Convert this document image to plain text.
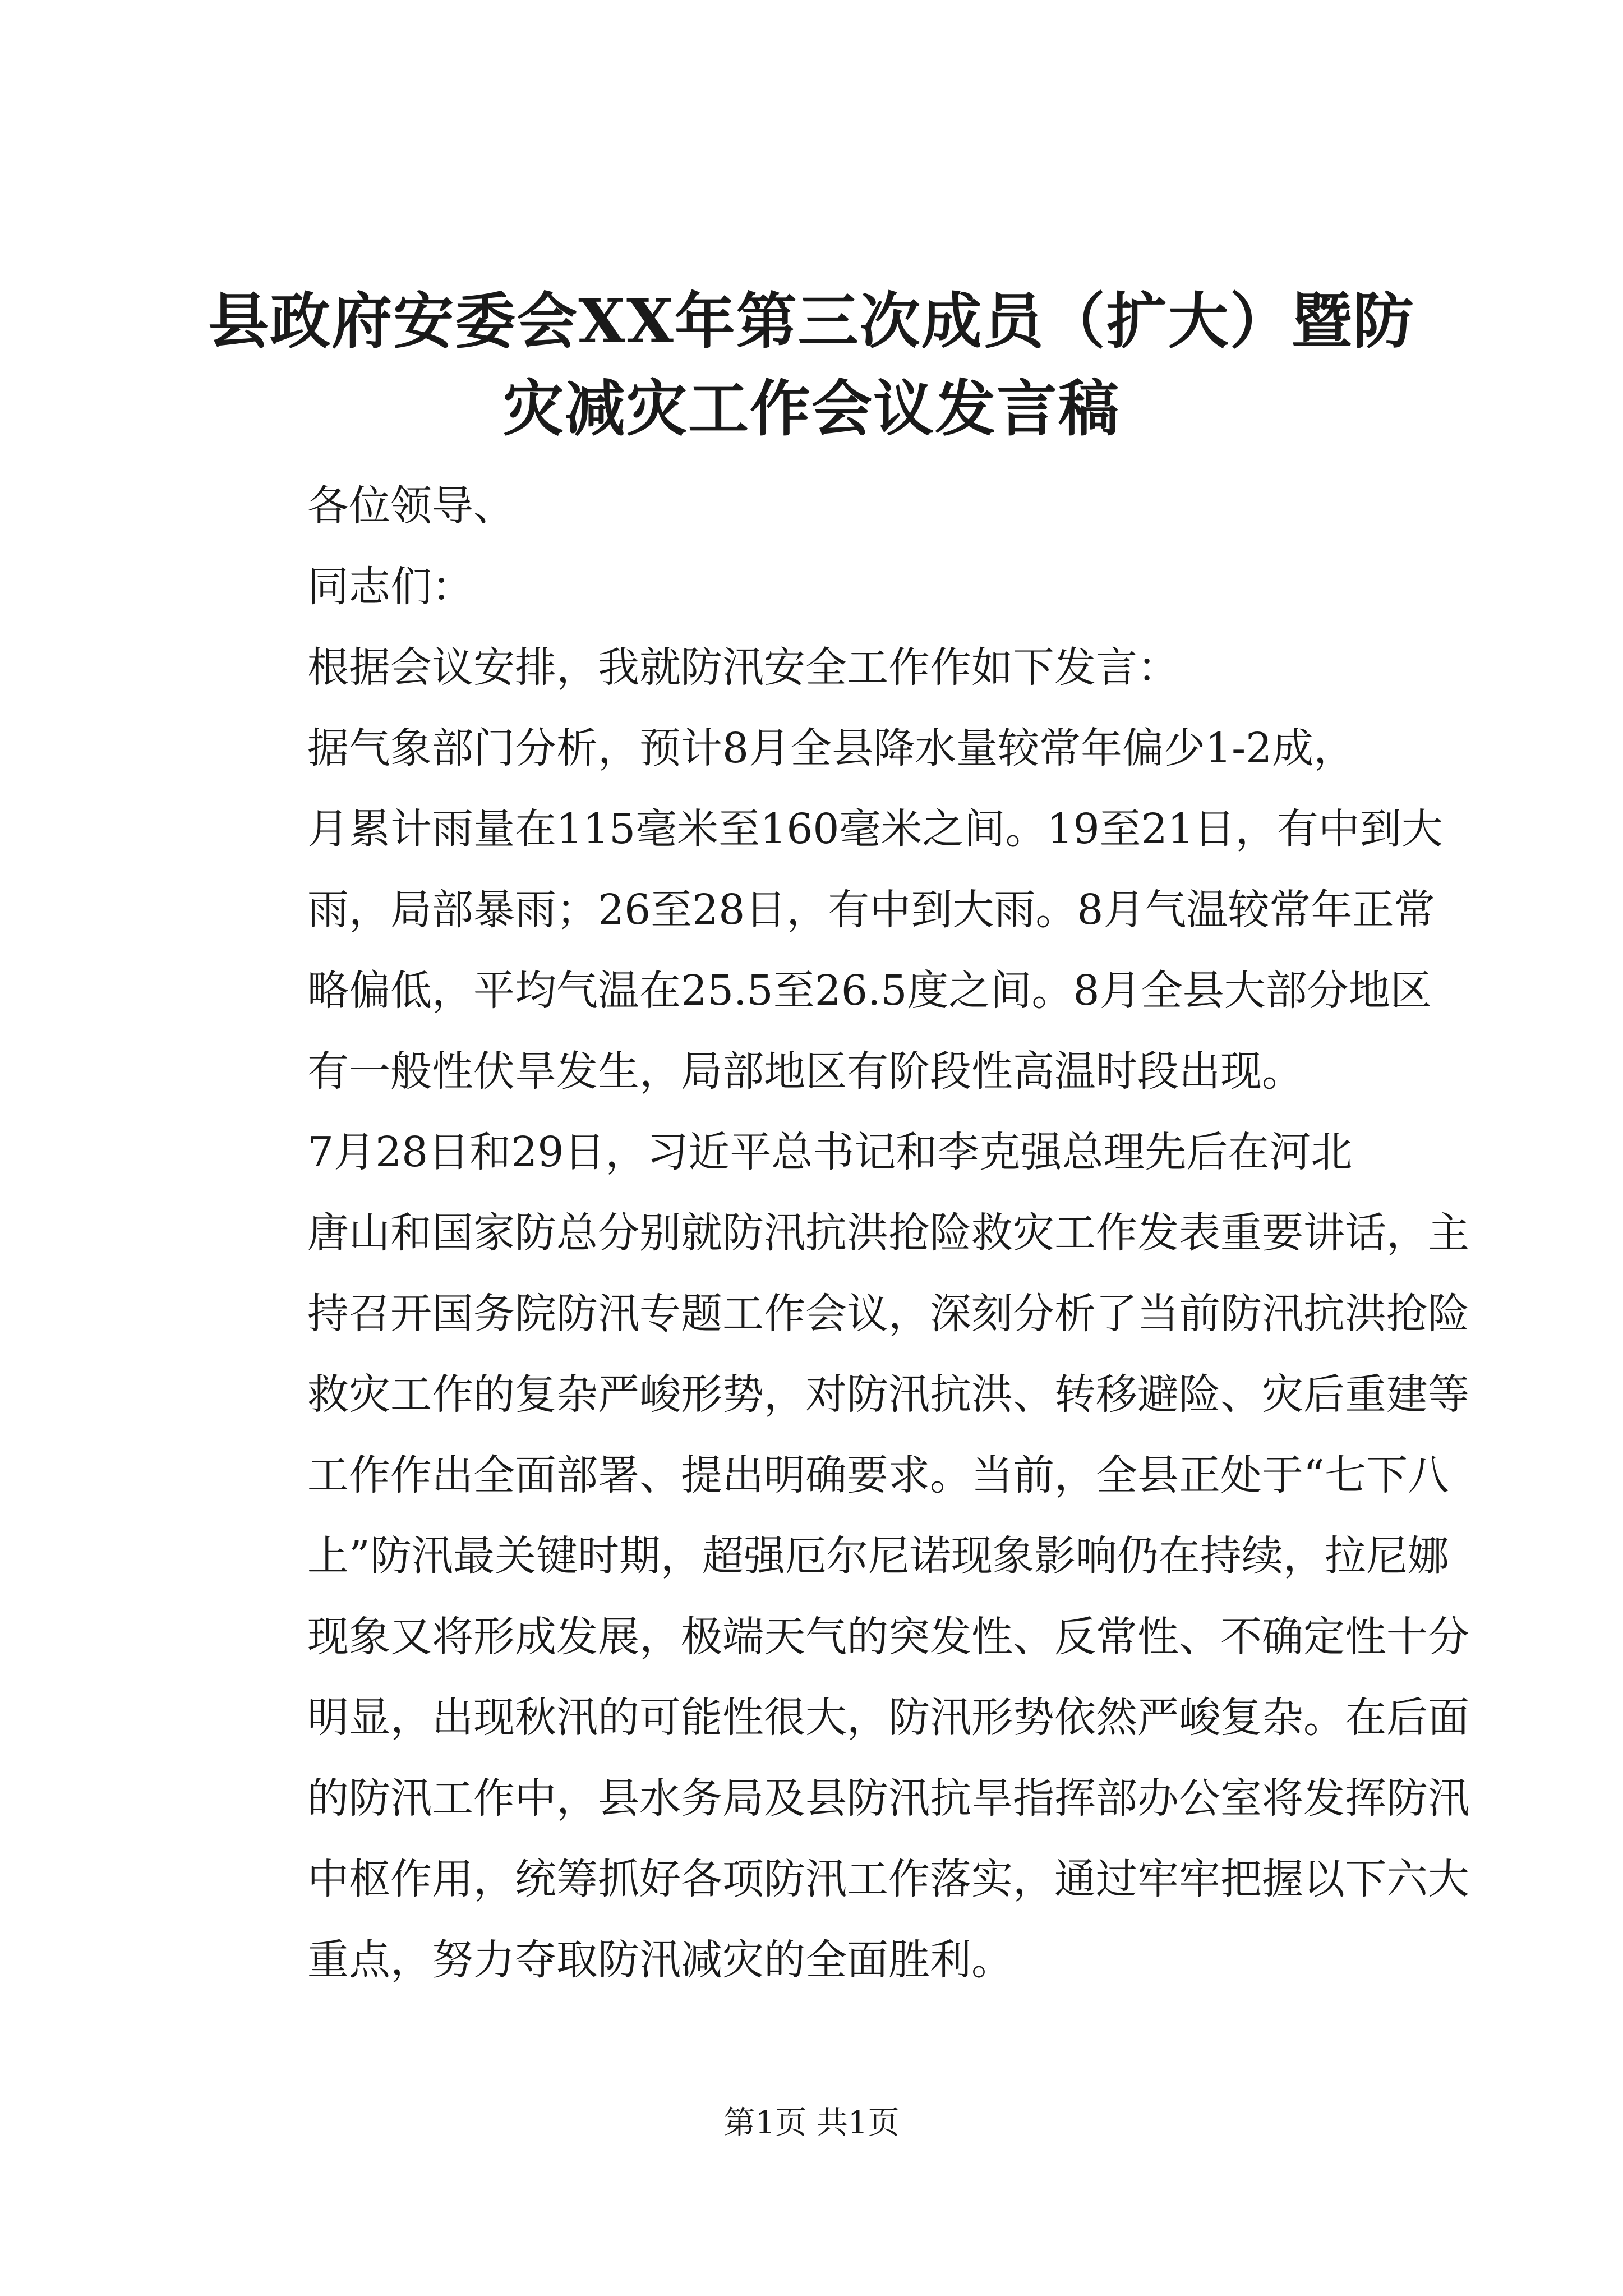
县政府安委会XX年第三次成员（扩大）暨防
灾减灾工作会议发言稿

各位领导、

同志们：

根据会议安排，我就防汛安全工作作如下发言：

据气象部门分析，预计8月全县降水量较常年偏少1-2成，
月累计雨量在115毫米至160毫米之间。19至21日，有中到大
雨，局部暴雨；26至28日，有中到大雨。8月气温较常年正常
略偏低，平均气温在25.5至26.5度之间。8月全县大部分地区
有一般性伏旱发生，局部地区有阶段性高温时段出现。

7月28日和29日，习近平总书记和李克强总理先后在河北
唐山和国家防总分别就防汛抗洪抢险救灾工作发表重要讲话，主
持召开国务院防汛专题工作会议，深刻分析了当前防汛抗洪抢险
救灾工作的复杂严峻形势，对防汛抗洪、转移避险、灾后重建等
工作作出全面部署、提出明确要求。当前，全县正处于“七下八
上”防汛最关键时期，超强厄尔尼诺现象影响仍在持续，拉尼娜
现象又将形成发展，极端天气的突发性、反常性、不确定性十分
明显，出现秋汛的可能性很大，防汛形势依然严峻复杂。在后面
的防汛工作中，县水务局及县防汛抗旱指挥部办公室将发挥防汛
中枢作用，统筹抓好各项防汛工作落实，通过牢牢把握以下六大
重点，努力夺取防汛减灾的全面胜利。

第1页 共1页
